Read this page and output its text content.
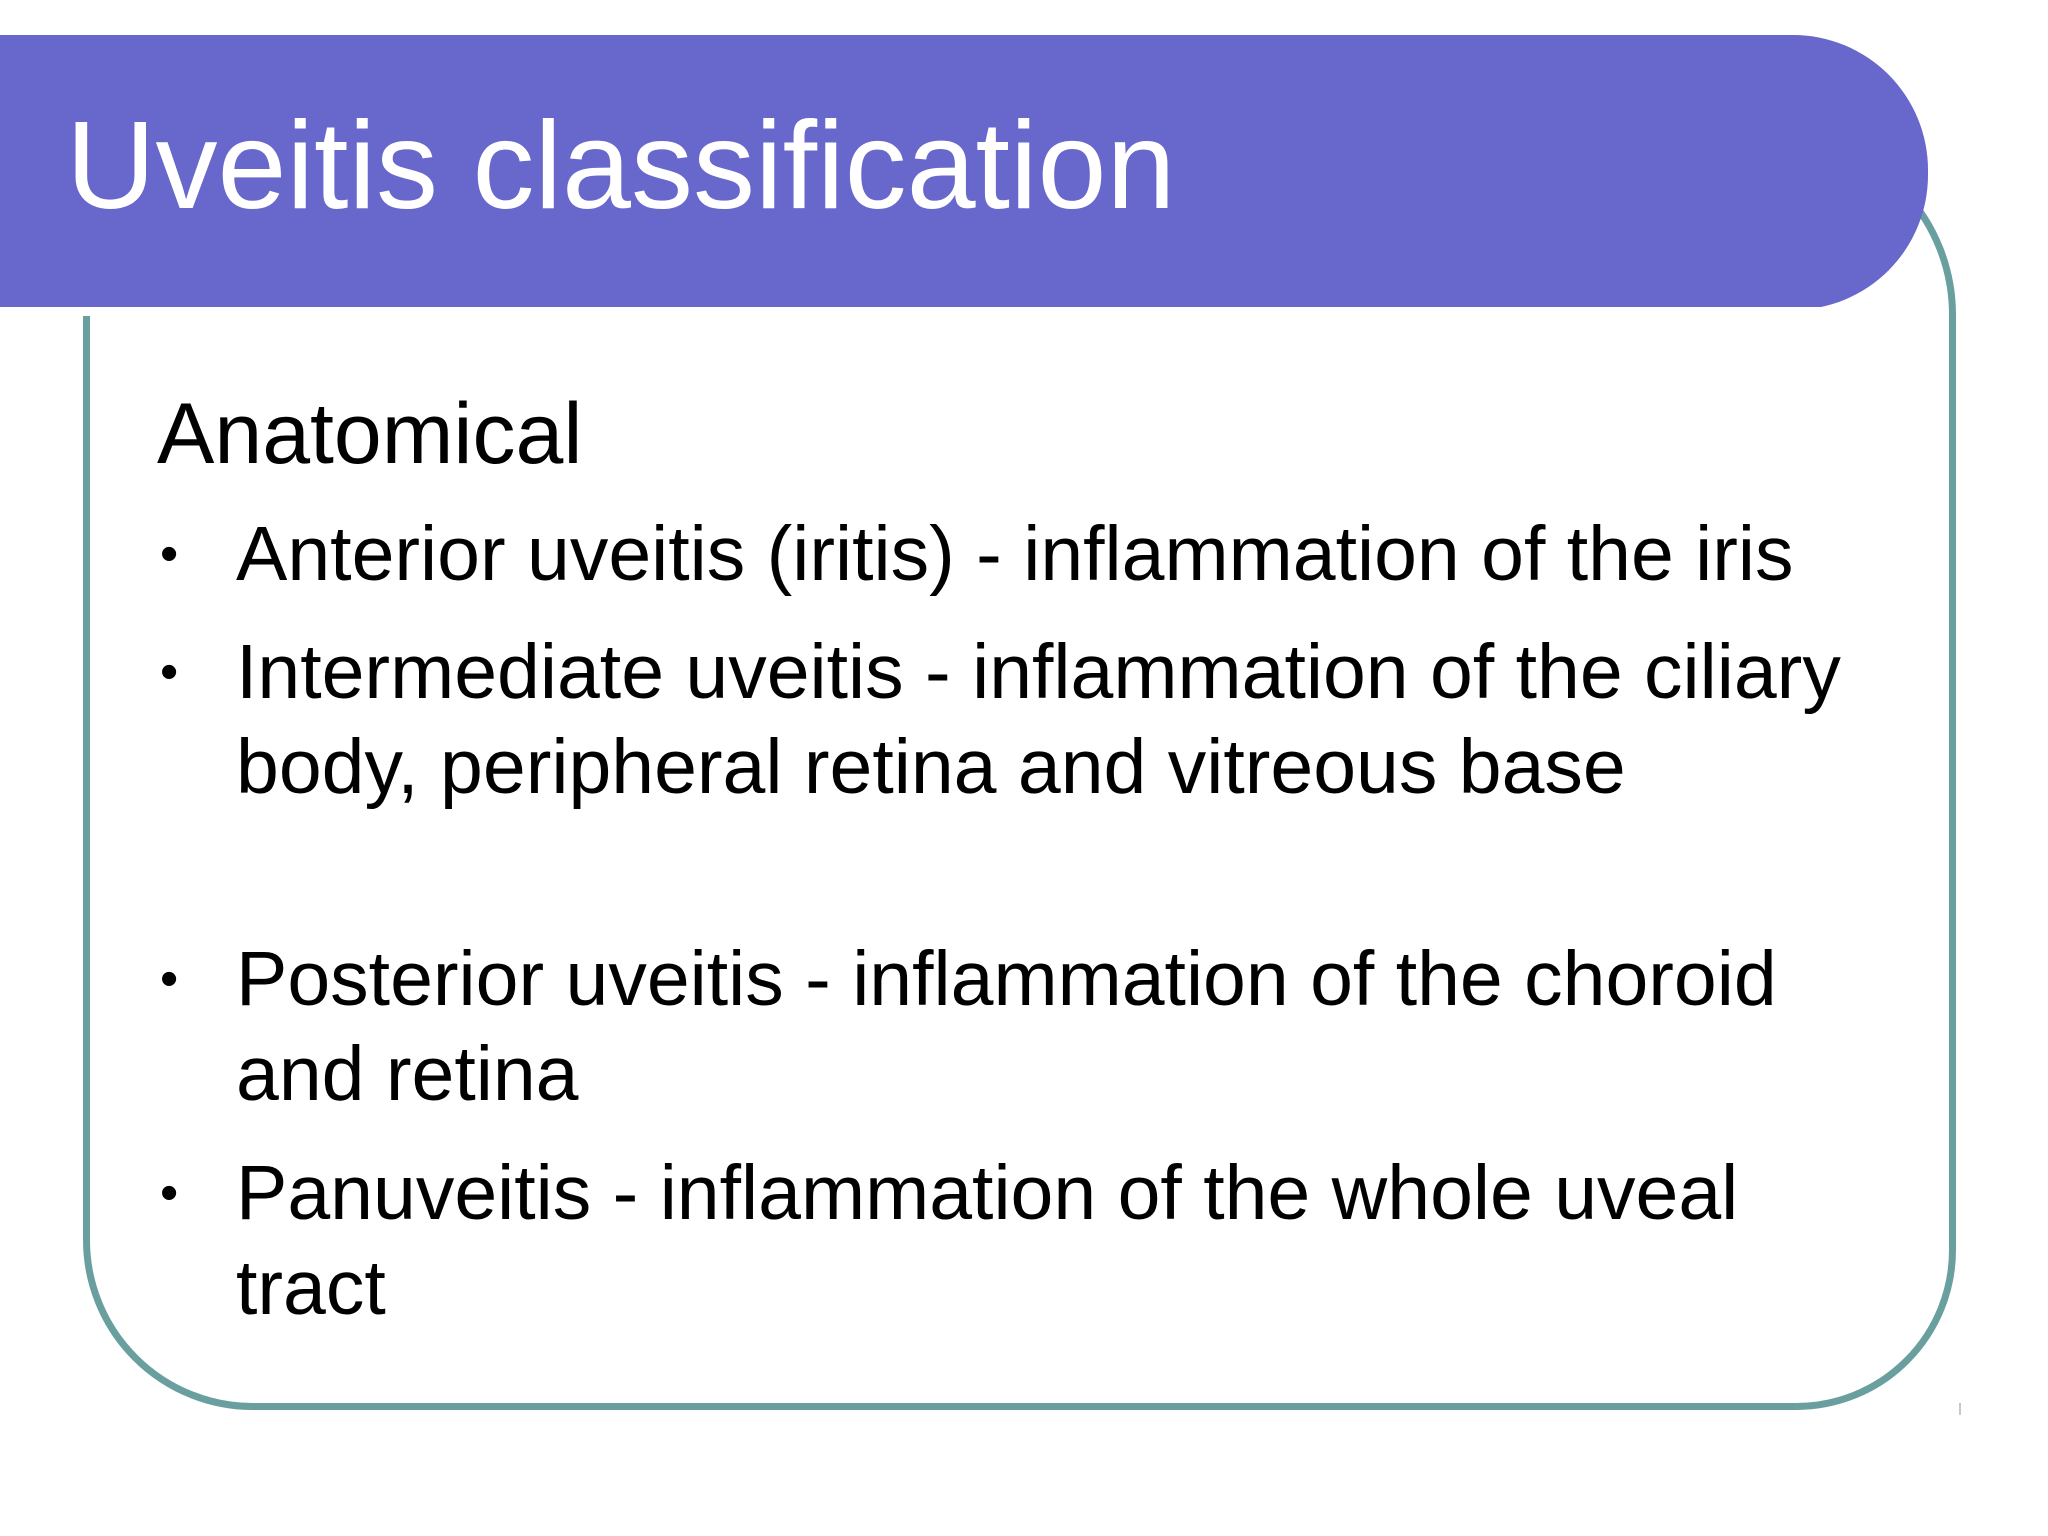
Uveitis classification
Anatomical
• Anterior uveitis (iritis) - inflammation of the iris
• Intermediate uveitis - inflammation of the ciliary body, peripheral retina and vitreous base
• Posterior uveitis - inflammation of the choroid and retina
• Panuveitis - inflammation of the whole uveal tract
